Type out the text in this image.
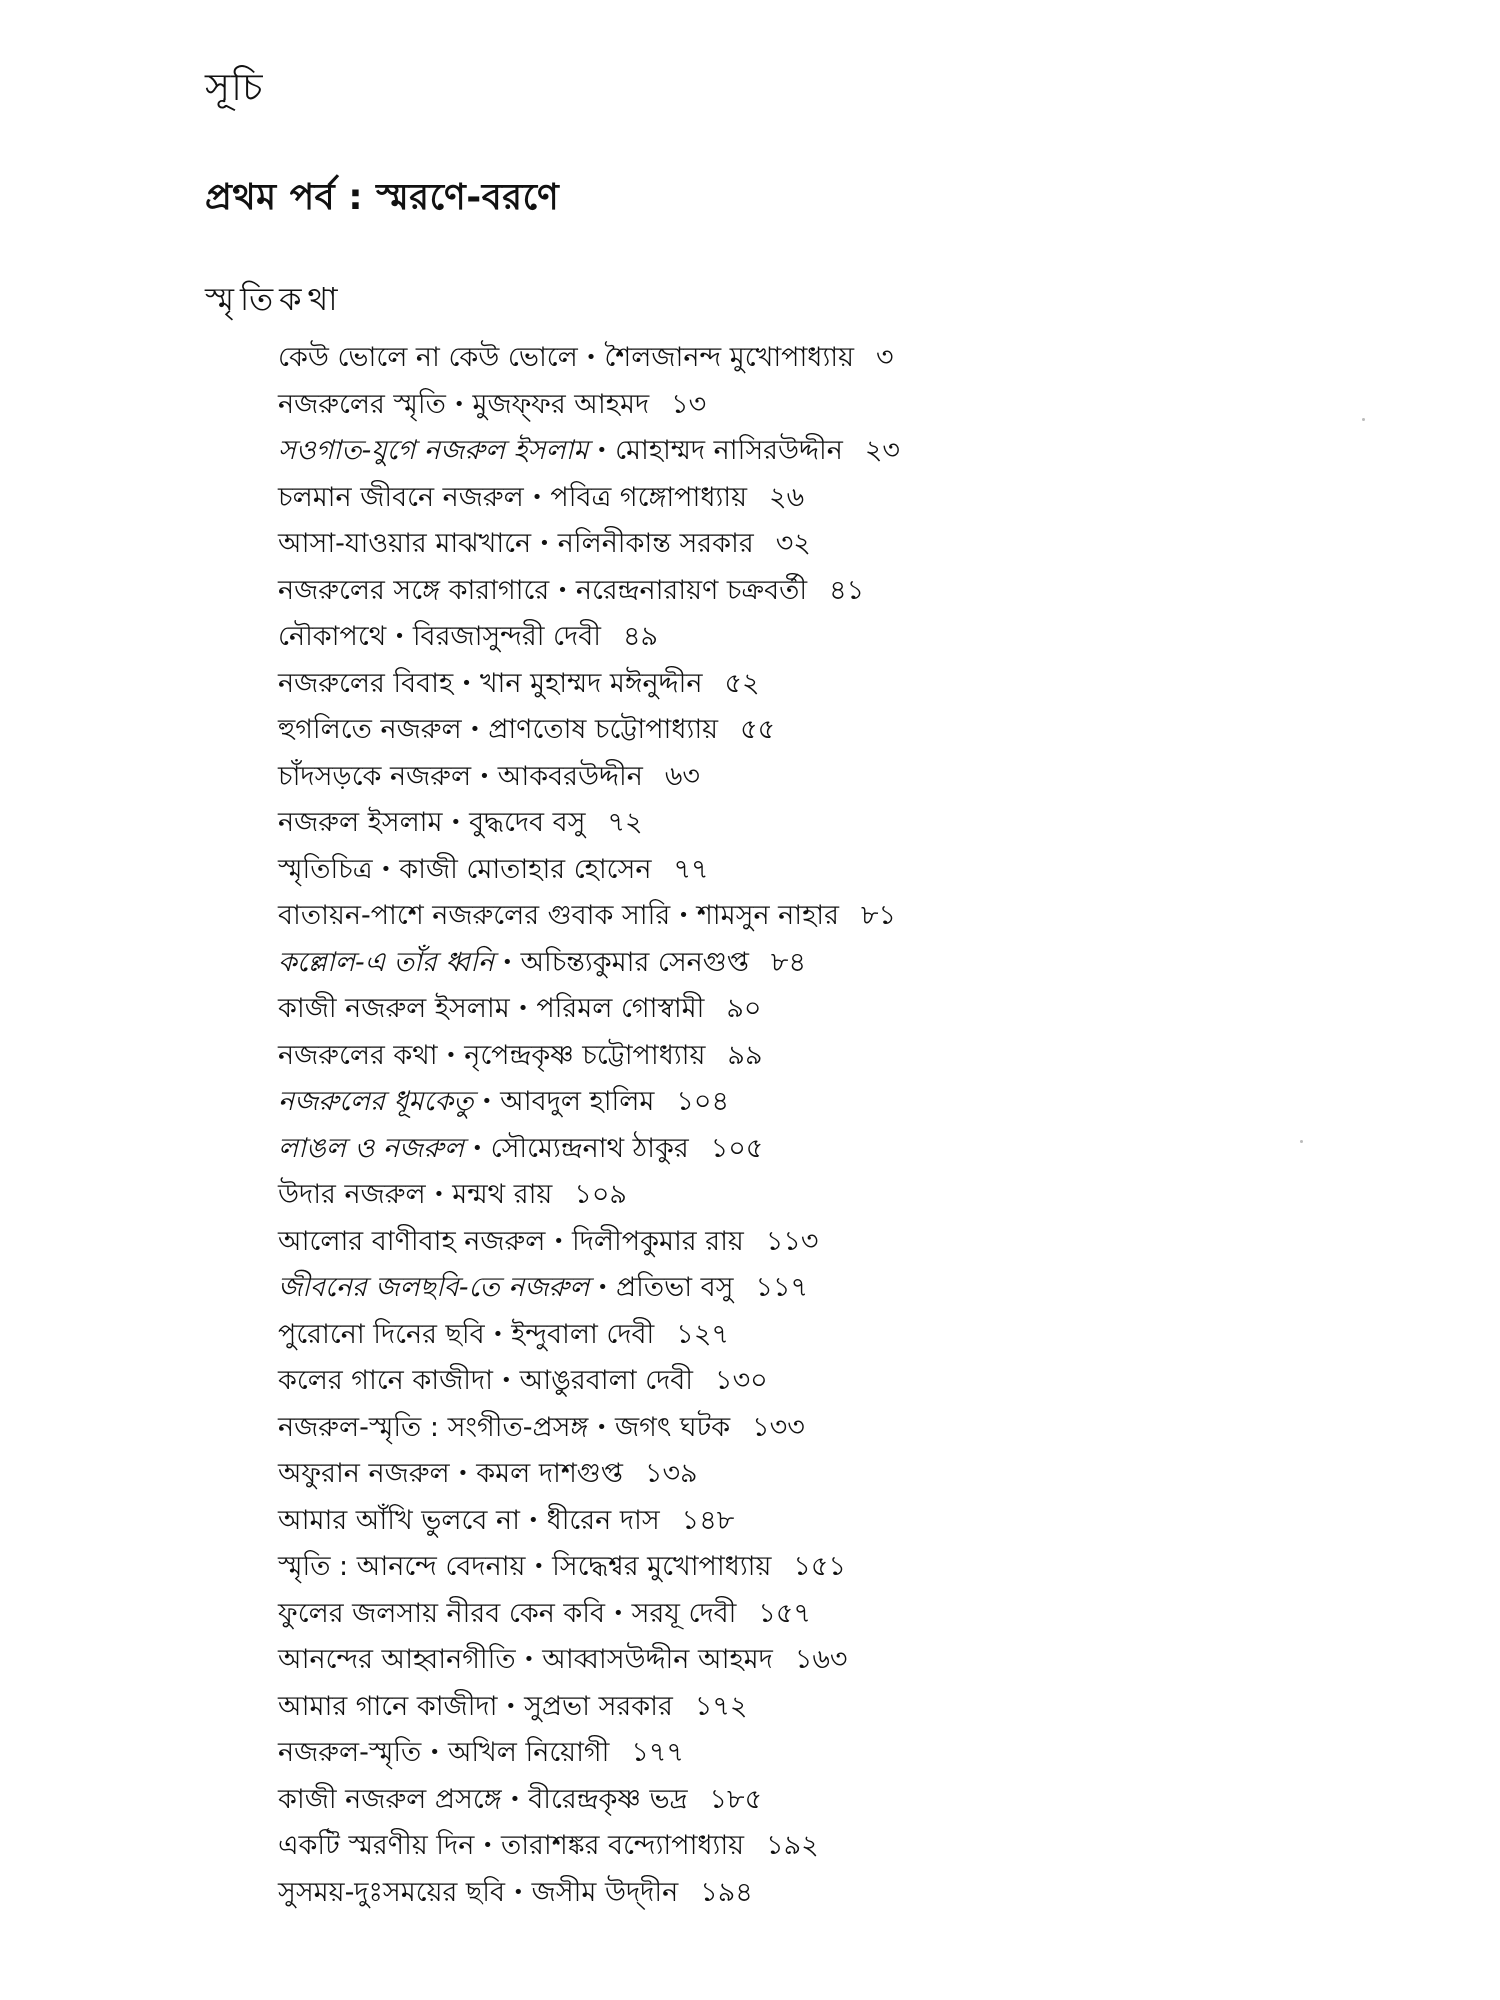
সূচি
প্রথম পর্ব : স্মরণে-বরণে
স্মৃতিকথা
কেউ ভোলে না কেউ ভোলে • শৈলজানন্দ মুখোপাধ্যায় ৩
নজরুলের স্মৃতি • মুজফ্ফর আহমদ ১৩
সওগাত-যুগে নজরুল ইসলাম • মোহাম্মদ নাসিরউদ্দীন ২৩
চলমান জীবনে নজরুল • পবিত্র গঙ্গোপাধ্যায় ২৬
আসা-যাওয়ার মাঝখানে • নলিনীকান্ত সরকার ৩২
নজরুলের সঙ্গে কারাগারে • নরেন্দ্রনারায়ণ চক্রবর্তী ৪১
নৌকাপথে • বিরজাসুন্দরী দেবী ৪৯
নজরুলের বিবাহ • খান মুহাম্মদ মঈনুদ্দীন ৫২
হুগলিতে নজরুল • প্রাণতোষ চট্টোপাধ্যায় ৫৫
চাঁদসড়কে নজরুল • আকবরউদ্দীন ৬৩
নজরুল ইসলাম • বুদ্ধদেব বসু ৭২
স্মৃতিচিত্র • কাজী মোতাহার হোসেন ৭৭
বাতায়ন-পাশে নজরুলের গুবাক সারি • শামসুন নাহার ৮১
কল্লোল-এ তাঁর ধ্বনি • অচিন্ত্যকুমার সেনগুপ্ত ৮৪
কাজী নজরুল ইসলাম • পরিমল গোস্বামী ৯০
নজরুলের কথা • নৃপেন্দ্রকৃষ্ণ চট্টোপাধ্যায় ৯৯
নজরুলের ধূমকেতু • আবদুল হালিম ১০৪
লাঙল ও নজরুল • সৌম্যেন্দ্রনাথ ঠাকুর ১০৫
উদার নজরুল • মন্মথ রায় ১০৯
আলোর বাণীবাহ নজরুল • দিলীপকুমার রায় ১১৩
জীবনের জলছবি-তে নজরুল • প্রতিভা বসু ১১৭
পুরোনো দিনের ছবি • ইন্দুবালা দেবী ১২৭
কলের গানে কাজীদা • আঙুরবালা দেবী ১৩০
নজরুল-স্মৃতি : সংগীত-প্রসঙ্গ • জগৎ ঘটক ১৩৩
অফুরান নজরুল • কমল দাশগুপ্ত ১৩৯
আমার আঁখি ভুলবে না • ধীরেন দাস ১৪৮
স্মৃতি : আনন্দে বেদনায় • সিদ্ধেশ্বর মুখোপাধ্যায় ১৫১
ফুলের জলসায় নীরব কেন কবি • সরযূ দেবী ১৫৭
আনন্দের আহ্বানগীতি • আব্বাসউদ্দীন আহমদ ১৬৩
আমার গানে কাজীদা • সুপ্রভা সরকার ১৭২
নজরুল-স্মৃতি • অখিল নিয়োগী ১৭৭
কাজী নজরুল প্রসঙ্গে • বীরেন্দ্রকৃষ্ণ ভদ্র ১৮৫
একটি স্মরণীয় দিন • তারাশঙ্কর বন্দ্যোপাধ্যায় ১৯২
সুসময়-দুঃসময়ের ছবি • জসীম উদ্‌দীন ১৯৪
